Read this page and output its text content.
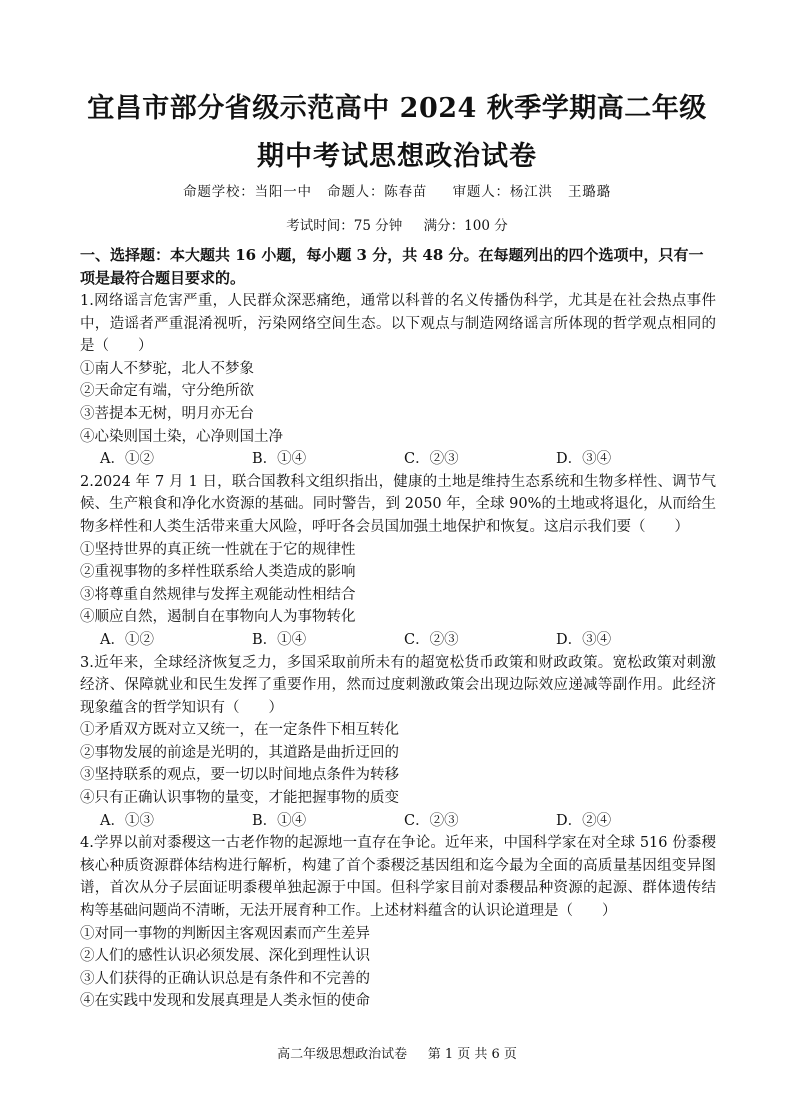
宜昌市部分省级示范高中 2024 秋季学期高二年级
期中考试思想政治试卷
命题学校：当阳一中   命题人：陈春苗     审题人：杨江洪   王璐璐
考试时间：75 分钟     满分：100 分
一、选择题：本大题共 16 小题，每小题 3 分，共 48 分。在每题列出的四个选项中，只有一项是最符合题目要求的。

1.网络谣言危害严重，人民群众深恶痛绝，通常以科普的名义传播伪科学，尤其是在社会热点事件中，造谣者严重混淆视听，污染网络空间生态。以下观点与制造网络谣言所体现的哲学观点相同的是（　　）

①南人不梦驼，北人不梦象

②天命定有端，守分绝所欲

③菩提本无树，明月亦无台

④心染则国土染，心净则国土净

A．①②	B．①④	C．②③	D．③④

2.2024 年 7 月 1 日，联合国教科文组织指出，健康的土地是维持生态系统和生物多样性、调节气候、生产粮食和净化水资源的基础。同时警告，到 2050 年，全球 90%的土地或将退化，从而给生物多样性和人类生活带来重大风险，呼吁各会员国加强土地保护和恢复。这启示我们要（　　）

①坚持世界的真正统一性就在于它的规律性

②重视事物的多样性联系给人类造成的影响

③将尊重自然规律与发挥主观能动性相结合

④顺应自然，遏制自在事物向人为事物转化

A．①②	B．①④	C．②③	D．③④

3.近年来，全球经济恢复乏力，多国采取前所未有的超宽松货币政策和财政政策。宽松政策对刺激经济、保障就业和民生发挥了重要作用，然而过度刺激政策会出现边际效应递减等副作用。此经济现象蕴含的哲学知识有（　　）

①矛盾双方既对立又统一，在一定条件下相互转化

②事物发展的前途是光明的，其道路是曲折迂回的

③坚持联系的观点，要一切以时间地点条件为转移

④只有正确认识事物的量变，才能把握事物的质变

A．①③	B．①④	C．②③	D．②④

4.学界以前对黍稷这一古老作物的起源地一直存在争论。近年来，中国科学家在对全球 516 份黍稷核心种质资源群体结构进行解析，构建了首个黍稷泛基因组和迄今最为全面的高质量基因组变异图谱，首次从分子层面证明黍稷单独起源于中国。但科学家目前对黍稷品种资源的起源、群体遗传结构等基础问题尚不清晰，无法开展育种工作。上述材料蕴含的认识论道理是（　　）

①对同一事物的判断因主客观因素而产生差异

②人们的感性认识必须发展、深化到理性认识

③人们获得的正确认识总是有条件和不完善的

④在实践中发现和发展真理是人类永恒的使命

高二年级思想政治试卷     第 1 页 共 6 页
